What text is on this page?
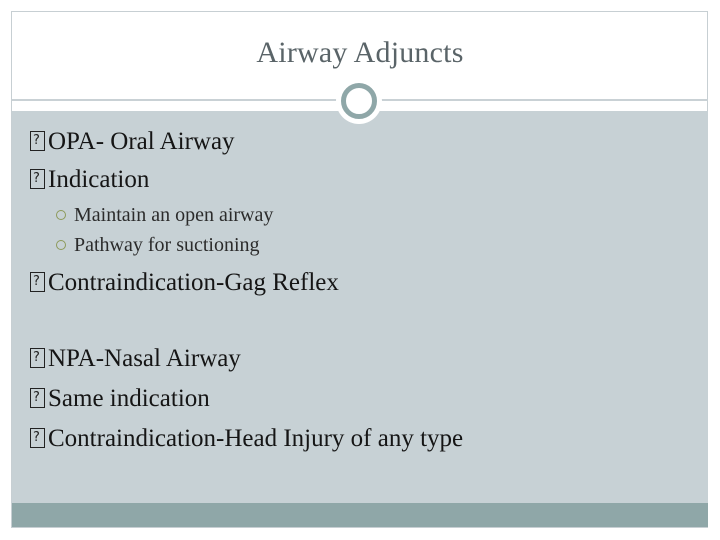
Airway Adjuncts
?OPA- Oral Airway
?Indication
Maintain an open airway
Pathway for suctioning
?Contraindication-Gag Reflex
?NPA-Nasal Airway
?Same indication
?Contraindication-Head Injury of any type
